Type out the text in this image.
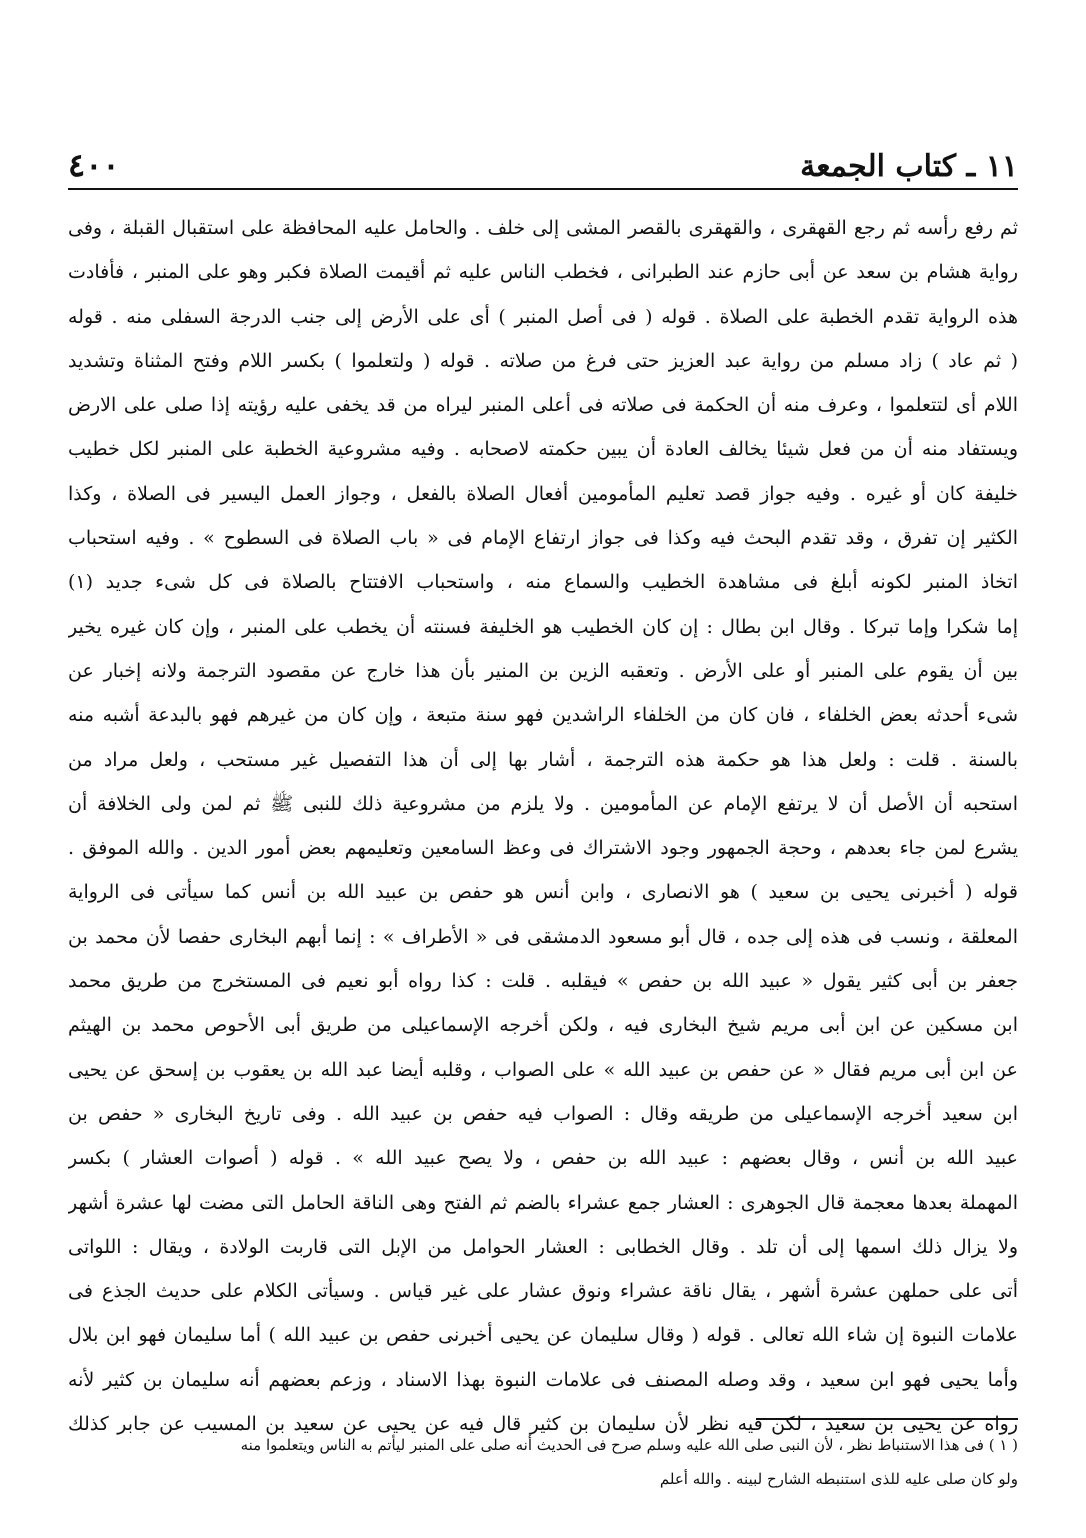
١١ ـ كتاب الجمعة
٤٠٠
ثم رفع رأسه ثم رجع القهقرى ، والقهقرى بالقصر المشى إلى خلف . والحامل عليه المحافظة على استقبال القبلة ، وفى
رواية هشام بن سعد عن أبى حازم عند الطبرانى ، فخطب الناس عليه ثم أقيمت الصلاة فكبر وهو على المنبر ، فأفادت
هذه الرواية تقدم الخطبة على الصلاة . قوله ( فى أصل المنبر ) أى على الأرض إلى جنب الدرجة السفلى منه . قوله
( ثم عاد ) زاد مسلم من رواية عبد العزيز حتى فرغ من صلاته . قوله ( ولتعلموا ) بكسر اللام وفتح المثناة وتشديد
اللام أى لتتعلموا ، وعرف منه أن الحكمة فى صلاته فى أعلى المنبر ليراه من قد يخفى عليه رؤيته إذا صلى على الارض
ويستفاد منه أن من فعل شيئا يخالف العادة أن يبين حكمته لاصحابه . وفيه مشروعية الخطبة على المنبر لكل خطيب
خليفة كان أو غيره . وفيه جواز قصد تعليم المأمومين أفعال الصلاة بالفعل ، وجواز العمل اليسير فى الصلاة ، وكذا
الكثير إن تفرق ، وقد تقدم البحث فيه وكذا فى جواز ارتفاع الإمام فى « باب الصلاة فى السطوح » . وفيه استحباب
اتخاذ المنبر لكونه أبلغ فى مشاهدة الخطيب والسماع منه ، واستحباب الافتتاح بالصلاة فى كل شىء جديد (١)
إما شكرا وإما تبركا . وقال ابن بطال : إن كان الخطيب هو الخليفة فسنته أن يخطب على المنبر ، وإن كان غيره يخير
بين أن يقوم على المنبر أو على الأرض . وتعقبه الزين بن المنير بأن هذا خارج عن مقصود الترجمة ولانه إخبار عن
شىء أحدثه بعض الخلفاء ، فان كان من الخلفاء الراشدين فهو سنة متبعة ، وإن كان من غيرهم فهو بالبدعة أشبه منه
بالسنة . قلت : ولعل هذا هو حكمة هذه الترجمة ، أشار بها إلى أن هذا التفصيل غير مستحب ، ولعل مراد من
استحبه أن الأصل أن لا يرتفع الإمام عن المأمومين . ولا يلزم من مشروعية ذلك للنبى ﷺ ثم لمن ولى الخلافة أن
يشرع لمن جاء بعدهم ، وحجة الجمهور وجود الاشتراك فى وعظ السامعين وتعليمهم بعض أمور الدين . والله الموفق .
قوله ( أخبرنى يحيى بن سعيد ) هو الانصارى ، وابن أنس هو حفص بن عبيد الله بن أنس كما سيأتى فى الرواية
المعلقة ، ونسب فى هذه إلى جده ، قال أبو مسعود الدمشقى فى « الأطراف » : إنما أبهم البخارى حفصا لأن محمد بن
جعفر بن أبى كثير يقول « عبيد الله بن حفص » فيقلبه . قلت : كذا رواه أبو نعيم فى المستخرج من طريق محمد
ابن مسكين عن ابن أبى مريم شيخ البخارى فيه ، ولكن أخرجه الإسماعيلى من طريق أبى الأحوص محمد بن الهيثم
عن ابن أبى مريم فقال « عن حفص بن عبيد الله » على الصواب ، وقلبه أيضا عبد الله بن يعقوب بن إسحق عن يحيى
ابن سعيد أخرجه الإسماعيلى من طريقه وقال : الصواب فيه حفص بن عبيد الله . وفى تاريخ البخارى « حفص بن
عبيد الله بن أنس ، وقال بعضهم : عبيد الله بن حفص ، ولا يصح عبيد الله » . قوله ( أصوات العشار ) بكسر
المهملة بعدها معجمة قال الجوهرى : العشار جمع عشراء بالضم ثم الفتح وهى الناقة الحامل التى مضت لها عشرة أشهر
ولا يزال ذلك اسمها إلى أن تلد . وقال الخطابى : العشار الحوامل من الإبل التى قاربت الولادة ، ويقال : اللواتى
أتى على حملهن عشرة أشهر ، يقال ناقة عشراء ونوق عشار على غير قياس . وسيأتى الكلام على حديث الجذع فى
علامات النبوة إن شاء الله تعالى . قوله ( وقال سليمان عن يحيى أخبرنى حفص بن عبيد الله ) أما سليمان فهو ابن بلال
وأما يحيى فهو ابن سعيد ، وقد وصله المصنف فى علامات النبوة بهذا الاسناد ، وزعم بعضهم أنه سليمان بن كثير لأنه
رواه عن يحيى بن سعيد ، لكن فيه نظر لأن سليمان بن كثير قال فيه عن يحيى عن سعيد بن المسيب عن جابر كذلك
( ١ ) فى هذا الاستنباط نظر ، لأن النبى صلى الله عليه وسلم صرح فى الحديث أنه صلى على المنبر ليأتم به الناس ويتعلموا منه
ولو كان صلى عليه للذى استنبطه الشارح لبينه . والله أعلم
